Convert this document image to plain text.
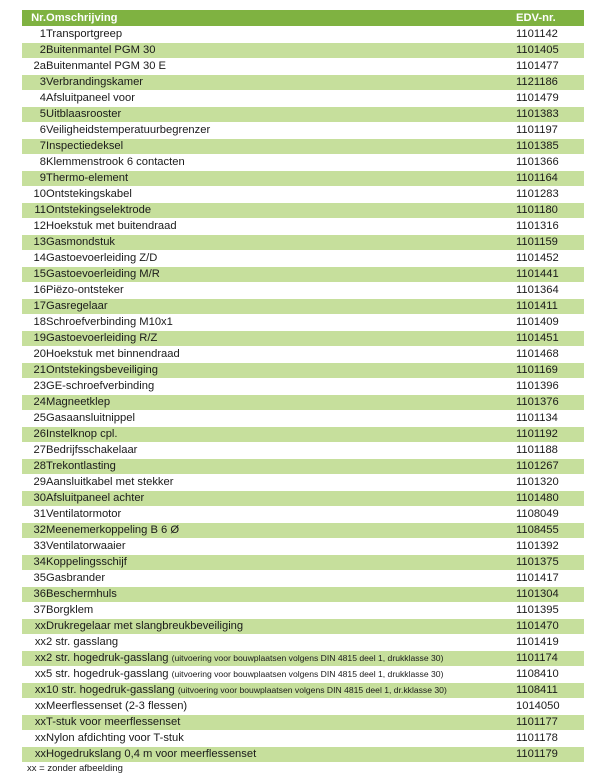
Nr.	Omschrijving	EDV-nr.
1	Transportgreep	1101142
2	Buitenmantel PGM 30	1101405
2a	Buitenmantel PGM 30 E	1101477
3	Verbrandingskamer	1121186
4	Afsluitpaneel voor	1101479
5	Uitblaasrooster	1101383
6	Veiligheidstemperatuurbegrenzer	1101197
7	Inspectiedeksel	1101385
8	Klemmenstrook 6 contacten	1101366
9	Thermo-element	1101164
10	Ontstekingskabel	1101283
11	Ontstekingselektrode	1101180
12	Hoekstuk met buitendraad	1101316
13	Gasmondstuk	1101159
14	Gastoevoerleiding Z/D	1101452
15	Gastoevoerleiding M/R	1101441
16	Piëzo-ontsteker	1101364
17	Gasregelaar	1101411
18	Schroefverbinding M10x1	1101409
19	Gastoevoerleiding R/Z	1101451
20	Hoekstuk met binnendraad	1101468
21	Ontstekingsbeveiliging	1101169
23	GE-schroefverbinding	1101396
24	Magneetklep	1101376
25	Gasaansluitnippel	1101134
26	Instelknop cpl.	1101192
27	Bedrijfsschakelaar	1101188
28	Trekontlasting	1101267
29	Aansluitkabel met stekker	1101320
30	Afsluitpaneel achter	1101480
31	Ventilatormotor	1108049
32	Meenemerkoppeling B 6 Ø	1108455
33	Ventilatorwaaier	1101392
34	Koppelingsschijf	1101375
35	Gasbrander	1101417
36	Beschermhuls	1101304
37	Borgklem	1101395
xx	Drukregelaar met slangbreukbeveiliging	1101470
xx	2 str. gasslang	1101419
xx	2 str. hogedruk-gasslang (uitvoering voor bouwplaatsen volgens DIN 4815 deel 1, drukklasse 30)	1101174
xx	5 str. hogedruk-gasslang (uitvoering voor bouwplaatsen volgens DIN 4815 deel 1, drukklasse 30)	1108410
xx	10 str. hogedruk-gasslang (uitvoering voor bouwplaatsen volgens DIN 4815 deel 1, dr.kklasse 30)	1108411
xx	Meerflessenset (2-3 flessen)	1014050
xx	T-stuk voor meerflessenset	1101177
xx	Nylon afdichting voor T-stuk	1101178
xx	Hogedrukslang 0,4 m voor meerflessenset	1101179
xx = zonder afbeelding
